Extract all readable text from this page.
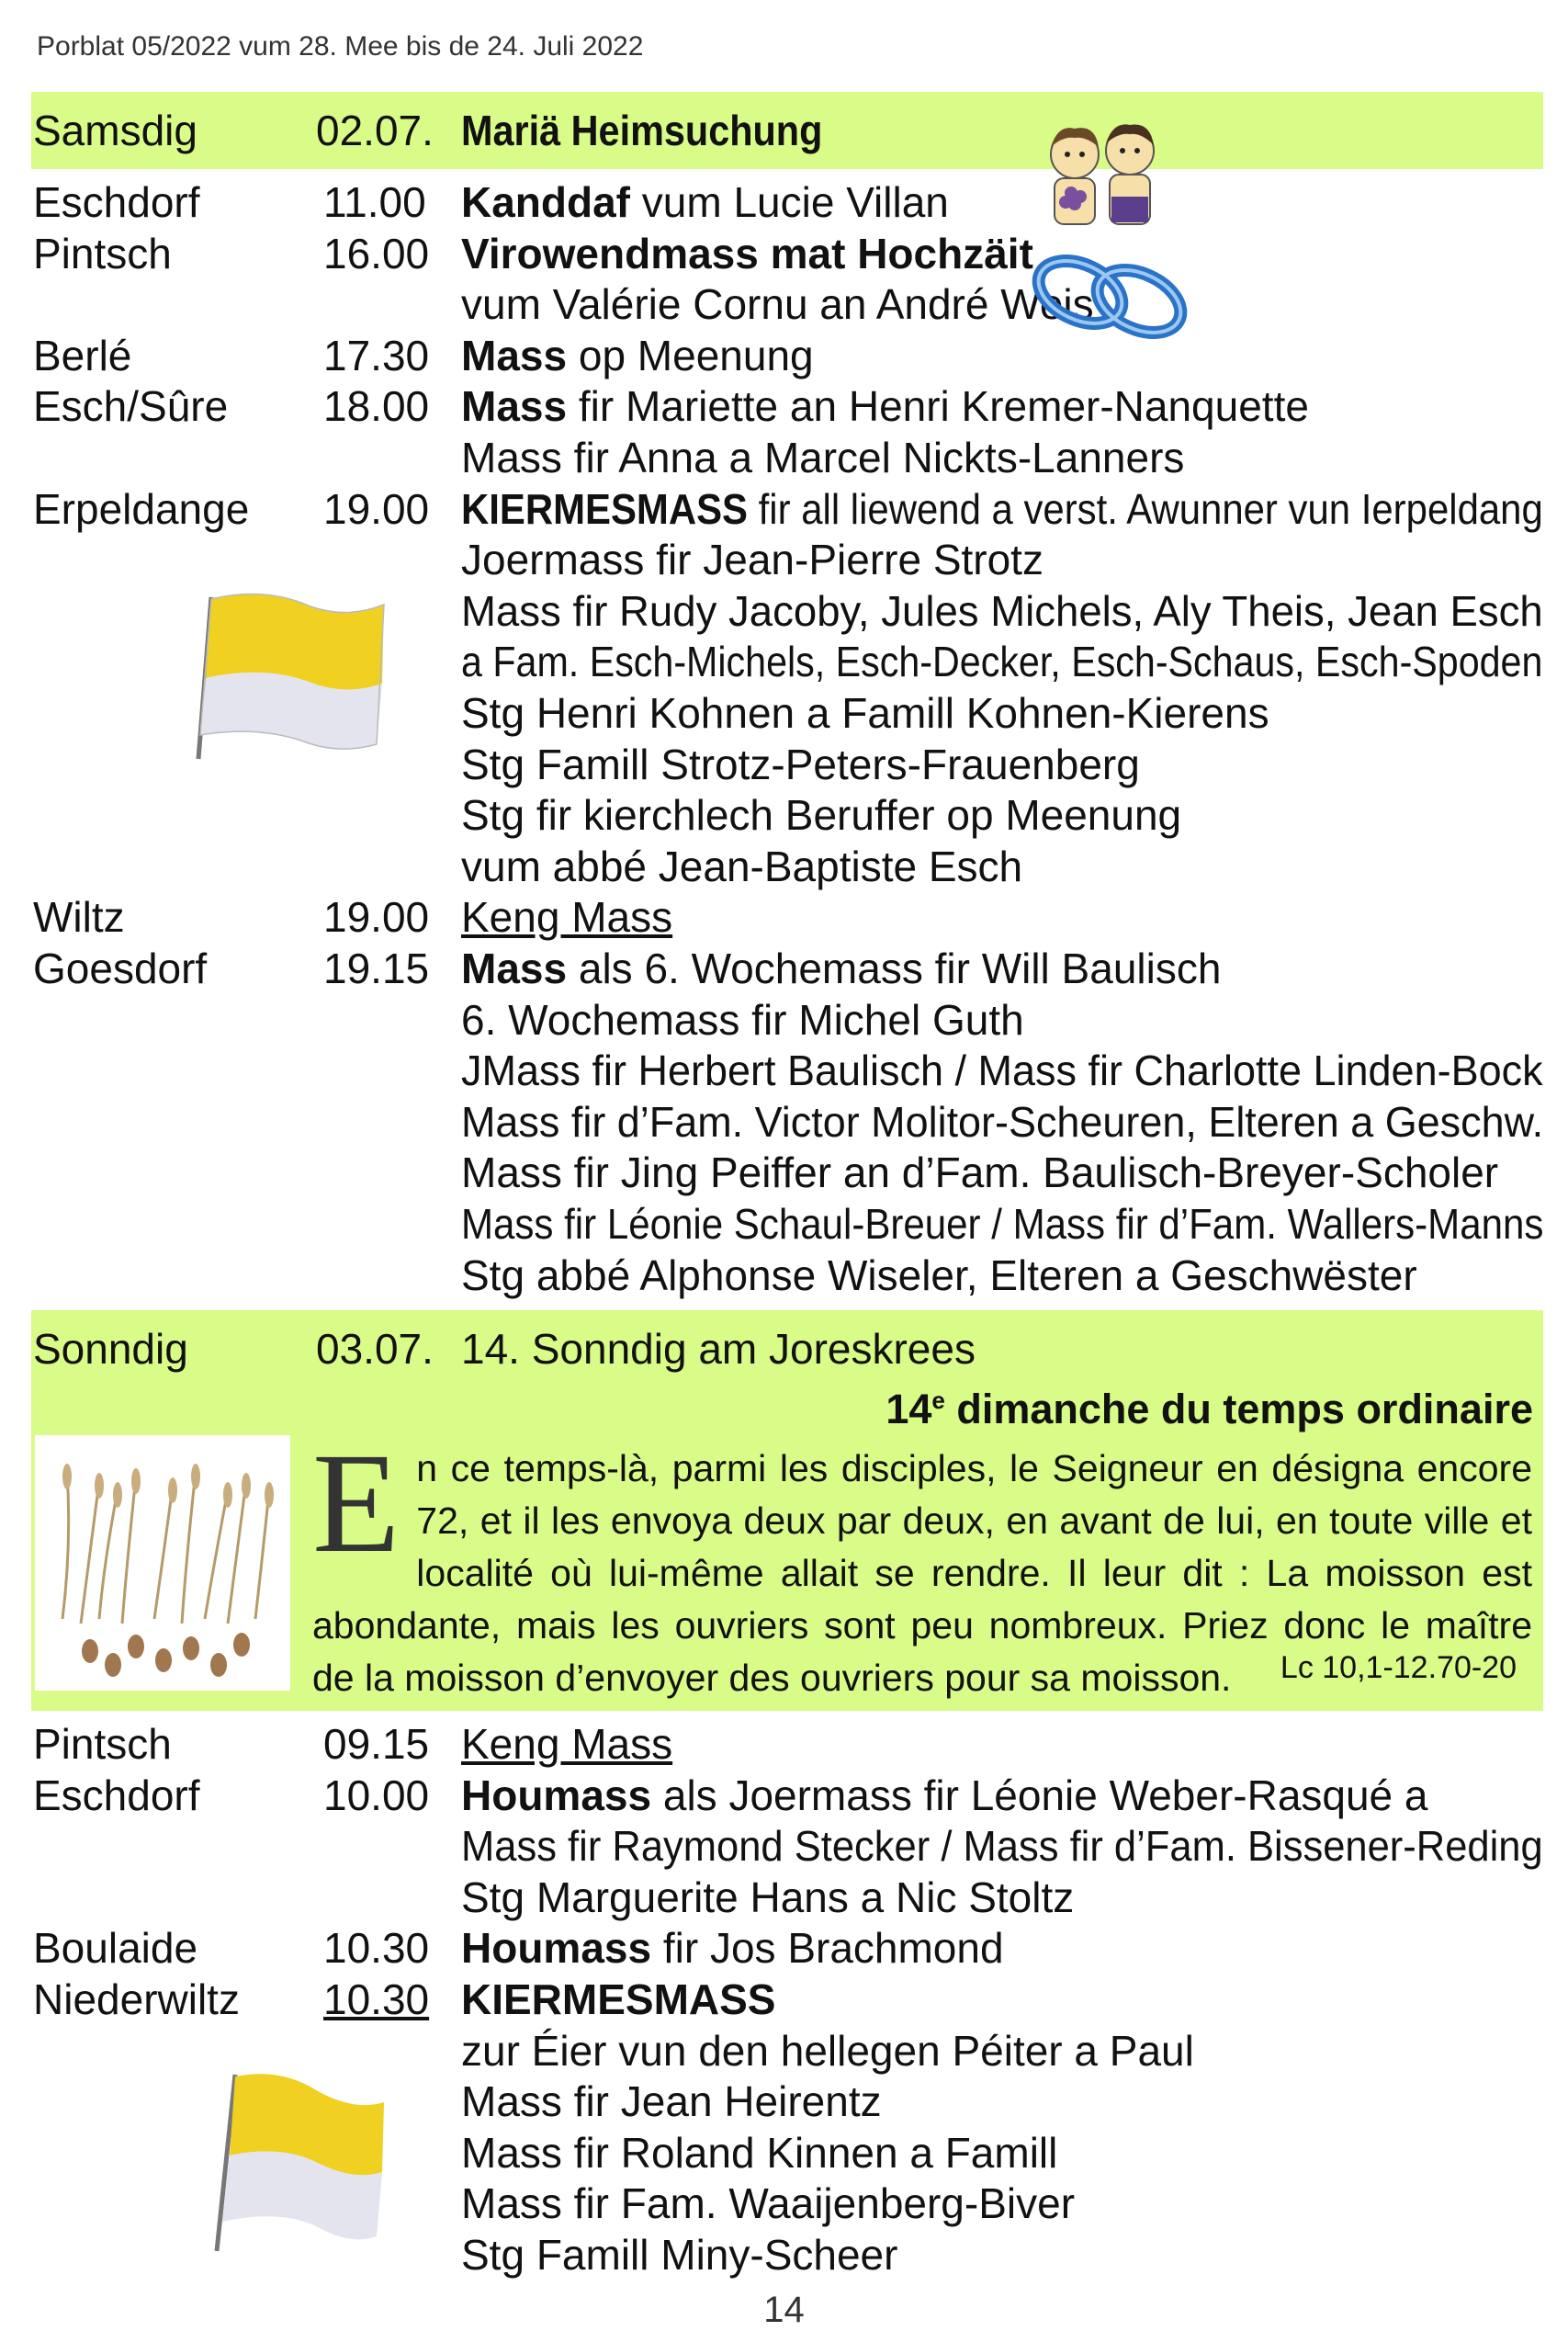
Porblat 05/2022 vum 28. Mee bis de 24. Juli 2022
Samsdig	02.07. Mariä Heimsuchung
Eschdorf	11.00 Kanddaf vum Lucie Villan
Pintsch	16.00 Virowendmass mat Hochzäit
vum Valérie Cornu an André Weis
Berlé	17.30 Mass op Meenung
Esch/Sûre 18.00 Mass fir Mariette an Henri Kremer-Nanquette
Mass fir Anna a Marcel Nickts-Lanners
Erpeldange 19.00 KIERMESMASS fir all liewend a verst. Awunner vun Ierpeldang
Joermass fir Jean-Pierre Strotz
Mass fir Rudy Jacoby, Jules Michels, Aly Theis, Jean Esch
a Fam. Esch-Michels, Esch-Decker, Esch-Schaus, Esch-Spoden
Stg Henri Kohnen a Famill Kohnen-Kierens
Stg Famill Strotz-Peters-Frauenberg
Stg fir kierchlech Beruffer op Meenung
vum abbé Jean-Baptiste Esch
Wiltz	19.00 Keng Mass
Goesdorf	19.15 Mass als 6. Wochemass fir Will Baulisch
6. Wochemass fir Michel Guth
JMass fir Herbert Baulisch / Mass fir Charlotte Linden-Bock
Mass fir d’Fam. Victor Molitor-Scheuren, Elteren a Geschw.
Mass fir Jing Peiffer an d’Fam. Baulisch-Breyer-Scholer
Mass fir Léonie Schaul-Breuer / Mass fir d’Fam. Wallers-Manns
Stg abbé Alphonse Wiseler, Elteren a Geschwëster
Sonndig	03.07. 14. Sonndig am Joreskrees
14e dimanche du temps ordinaire
En ce temps-là, parmi les disciples, le Seigneur en désigna encore 72, et il les envoya deux par deux, en avant de lui, en toute ville et localité où lui-même allait se rendre. Il leur dit : La moisson est abondante, mais les ouvriers sont peu nombreux. Priez donc le maître de la moisson d’envoyer des ouvriers pour sa moisson.	Lc 10,1-12.70-20
Pintsch	09.15 Keng Mass
Eschdorf	10.00 Houmass als Joermass fir Léonie Weber-Rasqué a
Mass fir Raymond Stecker / Mass fir d’Fam. Bissener-Reding
Stg Marguerite Hans a Nic Stoltz
Boulaide	10.30 Houmass fir Jos Brachmond
Niederwiltz 10.30 KIERMESMASS
zur Éier vun den hellegen Péiter a Paul
Mass fir Jean Heirentz
Mass fir Roland Kinnen a Famill
Mass fir Fam. Waaijenberg-Biver
Stg Famill Miny-Scheer
14
